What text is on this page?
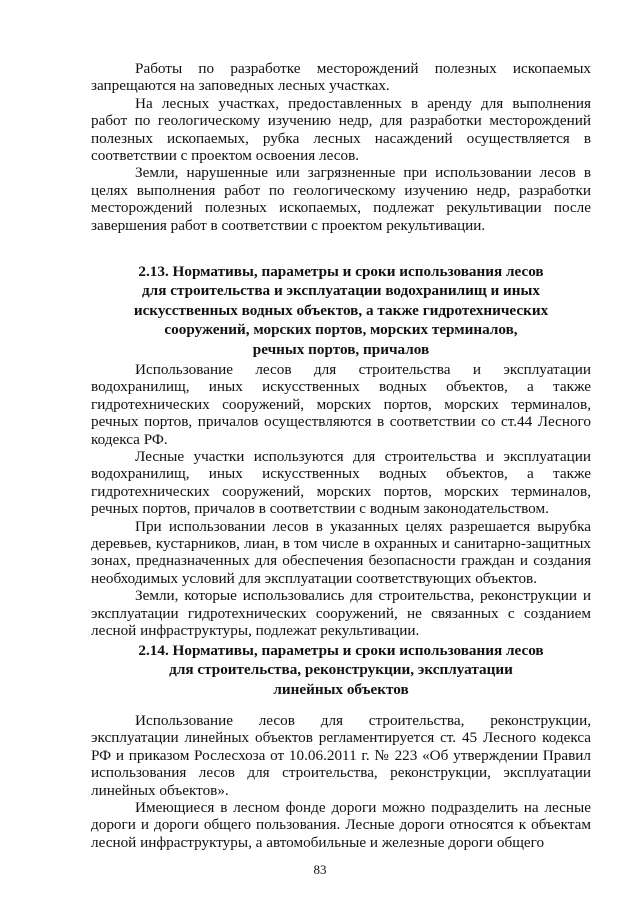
Работы по разработке месторождений полезных ископаемых запрещаются на заповедных лесных участках.

На лесных участках, предоставленных в аренду для выполнения работ по геологическому изучению недр, для разработки месторождений полезных ископаемых, рубка лесных насаждений осуществляется в соответствии с проектом освоения лесов.

Земли, нарушенные или загрязненные при использовании лесов в целях выполнения работ по геологическому изучению недр, разработки месторождений полезных ископаемых, подлежат рекультивации после завершения работ в соответствии с проектом рекультивации.

2.13. Нормативы, параметры и сроки использования лесов
для строительства и эксплуатации водохранилищ и иных
искусственных водных объектов, а также гидротехнических
сооружений, морских портов, морских терминалов,
речных портов, причалов

Использование лесов для строительства и эксплуатации водохранилищ, иных искусственных водных объектов, а также гидротехнических сооружений, морских портов, морских терминалов, речных портов, причалов осуществляются в соответствии со ст.44 Лесного кодекса РФ.

Лесные участки используются для строительства и эксплуатации водохранилищ, иных искусственных водных объектов, а также гидротехнических сооружений, морских портов, морских терминалов, речных портов, причалов в соответствии с водным законодательством.

При использовании лесов в указанных целях разрешается вырубка деревьев, кустарников, лиан, в том числе в охранных и санитарно-защитных зонах, предназначенных для обеспечения безопасности граждан и создания необходимых условий для эксплуатации соответствующих объектов.

Земли, которые использовались для строительства, реконструкции и эксплуатации гидротехнических сооружений, не связанных с созданием лесной инфраструктуры, подлежат рекультивации.

2.14. Нормативы, параметры и сроки использования лесов
для строительства, реконструкции, эксплуатации
линейных объектов

Использование лесов для строительства, реконструкции, эксплуатации линейных объектов регламентируется ст. 45 Лесного кодекса РФ и приказом Рослесхоза от 10.06.2011 г. № 223 «Об утверждении Правил использования лесов для строительства, реконструкции, эксплуатации линейных объектов».

Имеющиеся в лесном фонде дороги можно подразделить на лесные дороги и дороги общего пользования. Лесные дороги относятся к объектам лесной инфраструктуры, а автомобильные и железные дороги общего

83
